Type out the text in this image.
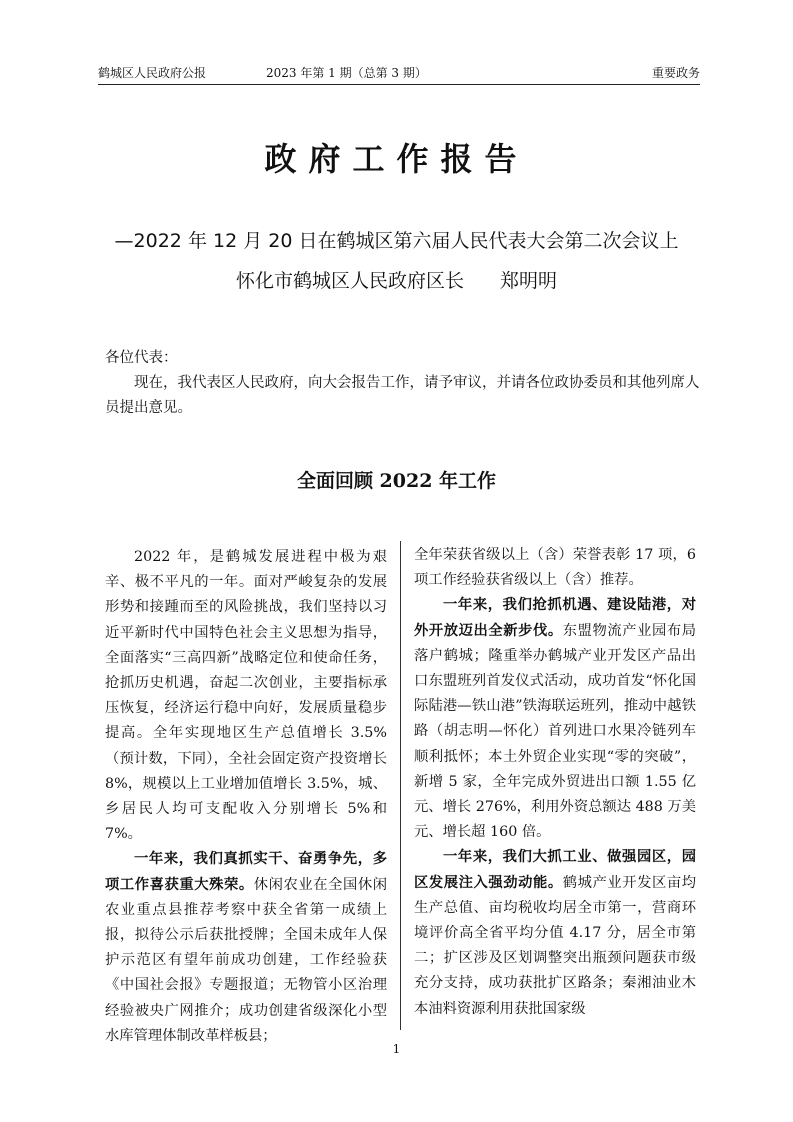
鹤城区人民政府公报	2023 年第 1 期（总第 3 期）	重要政务
政府工作报告
—2022 年 12 月 20 日在鹤城区第六届人民代表大会第二次会议上
怀化市鹤城区人民政府区长 郑明明

各位代表：

现在，我代表区人民政府，向大会报告工作，请予审议，并请各位政协委员和其他列席人员提出意见。

全面回顾 2022 年工作

2022 年，是鹤城发展进程中极为艰辛、极不平凡的一年。面对严峻复杂的发展形势和接踵而至的风险挑战，我们坚持以习近平新时代中国特色社会主义思想为指导，全面落实“三高四新”战略定位和使命任务，抢抓历史机遇，奋起二次创业，主要指标承压恢复，经济运行稳中向好，发展质量稳步提高。全年实现地区生产总值增长 3.5%（预计数，下同），全社会固定资产投资增长 8%，规模以上工业增加值增长 3.5%，城、乡居民人均可支配收入分别增长 5%和 7%。

一年来，我们真抓实干、奋勇争先，多项工作喜获重大殊荣。休闲农业在全国休闲农业重点县推荐考察中获全省第一成绩上报，拟待公示后获批授牌；全国未成年人保护示范区有望年前成功创建，工作经验获《中国社会报》专题报道；无物管小区治理经验被央广网推介；成功创建省级深化小型水库管理体制改革样板县；

全年荣获省级以上（含）荣誉表彰 17 项，6 项工作经验获省级以上（含）推荐。

一年来，我们抢抓机遇、建设陆港，对外开放迈出全新步伐。东盟物流产业园布局落户鹤城；隆重举办鹤城产业开发区产品出口东盟班列首发仪式活动，成功首发“怀化国际陆港—铁山港”铁海联运班列，推动中越铁路（胡志明—怀化）首列进口水果冷链列车顺利抵怀；本土外贸企业实现“零的突破”，新增 5 家，全年完成外贸进出口额 1.55 亿元、增长 276%，利用外资总额达 488 万美元、增长超 160 倍。

一年来，我们大抓工业、做强园区，园区发展注入强劲动能。鹤城产业开发区亩均生产总值、亩均税收均居全市第一，营商环境评价高全省平均分值 4.17 分，居全市第二；扩区涉及区划调整突出瓶颈问题获市级充分支持，成功获批扩区路条；秦湘油业木本油料资源利用获批国家级

1
